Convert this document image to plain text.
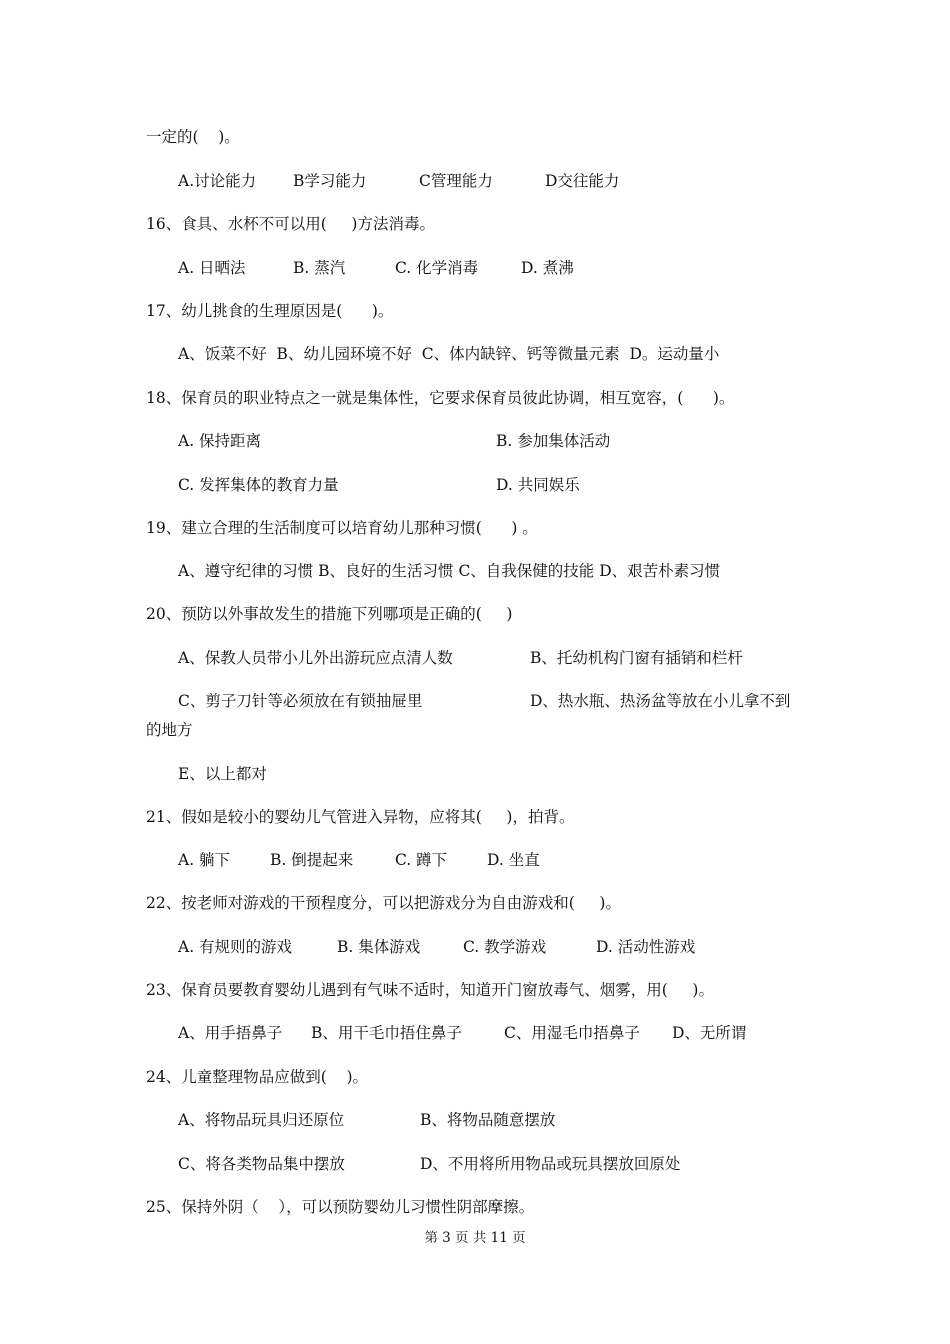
一定的(    )。

A.讨论能力

B学习能力

	C管理能力

	D交往能力

16、食具、水杯不可以用(     )方法消毒。

A. 日晒法

	B. 蒸汽

	C. 化学消毒

	D. 煮沸

17、幼儿挑食的生理原因是(      )。

A、饭菜不好  B、幼儿园环境不好  C、体内缺锌、钙等微量元素  D。运动量小

18、保育员的职业特点之一就是集体性，它要求保育员彼此协调，相互宽容，(      )。

A. 保持距离

	B. 参加集体活动

C. 发挥集体的教育力量

	D. 共同娱乐

19、建立合理的生活制度可以培育幼儿那种习惯(      ) 。

A、遵守纪律的习惯 B、良好的生活习惯 C、自我保健的技能 D、艰苦朴素习惯

20、预防以外事故发生的措施下列哪项是正确的(     )

A、保教人员带小儿外出游玩应点清人数

	B、托幼机构门窗有插销和栏杆

C、剪子刀针等必须放在有锁抽屉里

	D、热水瓶、热汤盆等放在小儿拿不到

的地方

E、以上都对

21、假如是较小的婴幼儿气管进入异物，应将其(     )，拍背。

A. 躺下

	B. 倒提起来

	C. 蹲下

	D. 坐直

22、按老师对游戏的干预程度分，可以把游戏分为自由游戏和(     )。

A. 有规则的游戏

	B. 集体游戏

	C. 教学游戏

	D. 活动性游戏

23、保育员要教育婴幼儿遇到有气味不适时，知道开门窗放毒气、烟雾，用(     )。

A、用手捂鼻子

B、用干毛巾捂住鼻子

	C、用湿毛巾捂鼻子

D、无所谓

24、儿童整理物品应做到(    )。

A、将物品玩具归还原位

	B、将物品随意摆放

C、将各类物品集中摆放

	D、不用将所用物品或玩具摆放回原处

25、保持外阴（    ），可以预防婴幼儿习惯性阴部摩擦。
第 3 页 共 11 页
